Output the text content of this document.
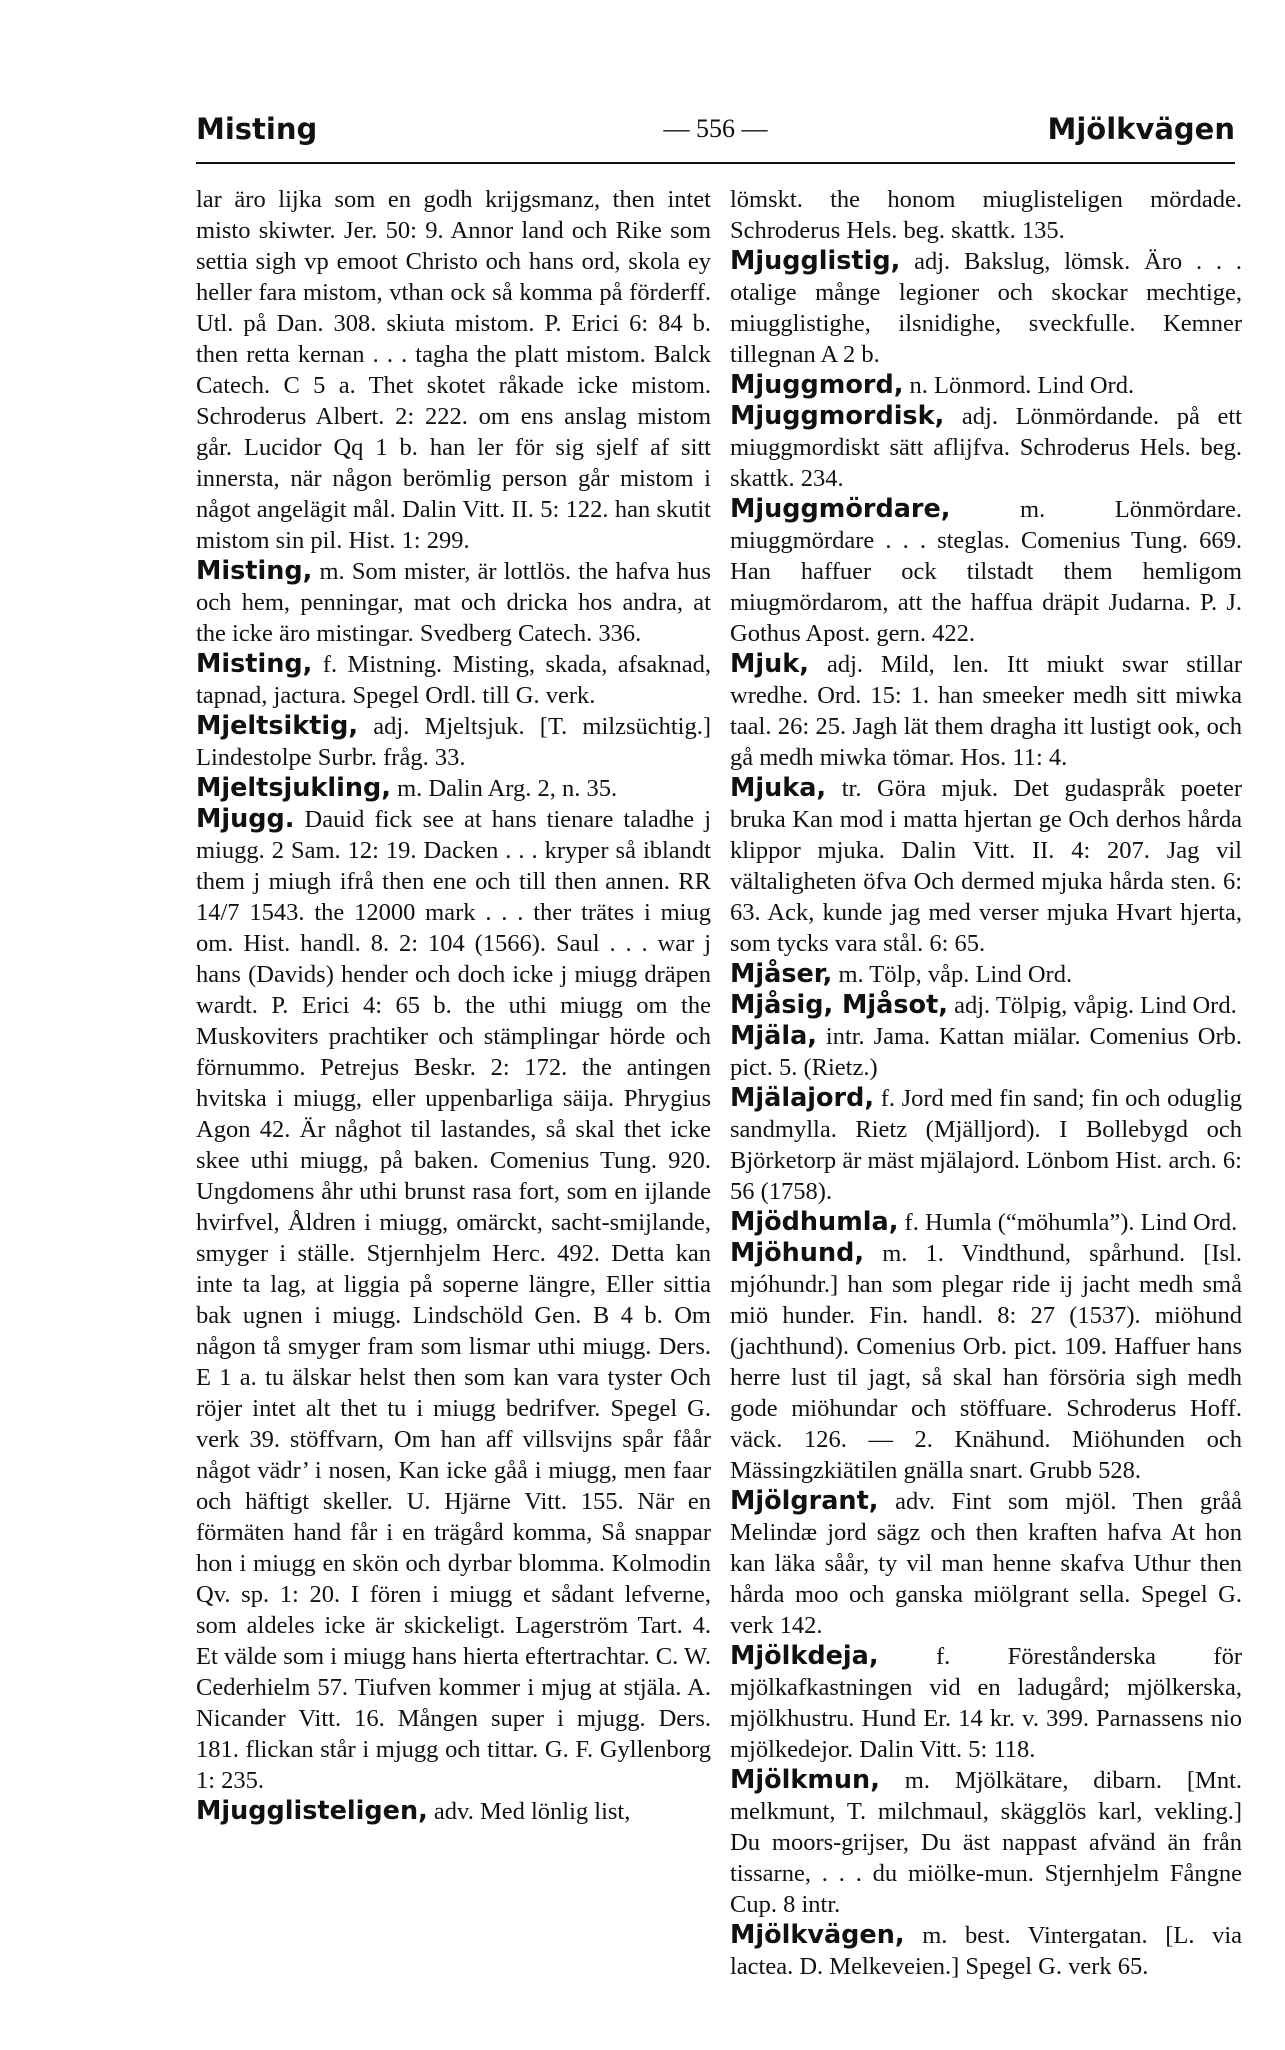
Misting	— 556 —	Mjölkvägen

lar äro lijka som en godh krijgsmanz, then intet misto skiwter. Jer. 50: 9. Annor land och Rike som settia sigh vp emoot Christo och hans ord, skola ey heller fara mistom, vthan ock så komma på förderff. Utl. på Dan. 308. skiuta mistom. P. Erici 6: 84 b. then retta kernan . . . tagha the platt mistom. Balck Catech. C 5 a. Thet skotet råkade icke mistom. Schroderus Albert. 2: 222. om ens anslag mistom går. Lucidor Qq 1 b. han ler för sig sjelf af sitt innersta, när någon berömlig person går mistom i något angelägit mål. Dalin Vitt. II. 5: 122. han skutit mistom sin pil. Hist. 1: 299.

Misting, m. Som mister, är lottlös. the hafva hus och hem, penningar, mat och dricka hos andra, at the icke äro mistingar. Svedberg Catech. 336.

Misting, f. Mistning. Misting, skada, afsaknad, tapnad, jactura. Spegel Ordl. till G. verk.

Mjeltsiktig, adj. Mjeltsjuk. [T. milzsüchtig.] Lindestolpe Surbr. fråg. 33.

Mjeltsjukling, m. Dalin Arg. 2, n. 35.

Mjugg. Dauid fick see at hans tienare taladhe j miugg. 2 Sam. 12: 19. Dacken . . . kryper så iblandt them j miugh ifrå then ene och till then annen. RR 14/7 1543. the 12000 mark . . . ther trätes i miug om. Hist. handl. 8. 2: 104 (1566). Saul . . . war j hans (Davids) hender och doch icke j miugg dräpen wardt. P. Erici 4: 65 b. the uthi miugg om the Muskoviters prachtiker och stämplingar hörde och förnummo. Petrejus Beskr. 2: 172. the antingen hvitska i miugg, eller uppenbarliga säija. Phrygius Agon 42. Är någhot til lastandes, så skal thet icke skee uthi miugg, på baken. Comenius Tung. 920. Ungdomens åhr uthi brunst rasa fort, som en ijlande hvirfvel, Åldren i miugg, omärckt, sacht-smijlande, smyger i ställe. Stjernhjelm Herc. 492. Detta kan inte ta lag, at liggia på soperne längre, Eller sittia bak ugnen i miugg. Lindschöld Gen. B 4 b. Om någon tå smyger fram som lismar uthi miugg. Ders. E 1 a. tu älskar helst then som kan vara tyster Och röjer intet alt thet tu i miugg bedrifver. Spegel G. verk 39. stöffvarn, Om han aff villsvijns spår fåår något vädr’ i nosen, Kan icke gåå i miugg, men faar och häftigt skeller. U. Hjärne Vitt. 155. När en förmäten hand får i en trägård komma, Så snappar hon i miugg en skön och dyrbar blomma. Kolmodin Qv. sp. 1: 20. I fören i miugg et sådant lefverne, som aldeles icke är skickeligt. Lagerström Tart. 4. Et välde som i miugg hans hierta eftertrachtar. C. W. Cederhielm 57. Tiufven kommer i mjug at stjäla. A. Nicander Vitt. 16. Mången super i mjugg. Ders. 181. flickan står i mjugg och tittar. G. F. Gyllenborg 1: 235.

Mjugglisteligen, adv. Med lönlig list,

lömskt. the honom miuglisteligen mördade. Schroderus Hels. beg. skattk. 135.

Mjugglistig, adj. Bakslug, lömsk. Äro . . . otalige månge legioner och skockar mechtige, miugglistighe, ilsnidighe, sveckfulle. Kemner tillegnan A 2 b.

Mjuggmord, n. Lönmord. Lind Ord.

Mjuggmordisk, adj. Lönmördande. på ett miuggmordiskt sätt aflijfva. Schroderus Hels. beg. skattk. 234.

Mjuggmördare,	m. Lönmördare. miuggmördare . . . steglas. Comenius Tung. 669. Han haffuer ock tilstadt them hemligom miugmördarom, att the haffua dräpit Judarna. P. J. Gothus Apost. gern. 422.

Mjuk, adj. Mild, len. Itt miukt swar stillar wredhe. Ord. 15: 1. han smeeker medh sitt miwka taal. 26: 25. Jagh lät them dragha itt lustigt ook, och gå medh miwka tömar. Hos. 11: 4.

Mjuka, tr. Göra mjuk. Det gudaspråk poeter bruka Kan mod i matta hjertan ge Och derhos hårda klippor mjuka. Dalin Vitt. II. 4: 207. Jag vil vältaligheten öfva Och dermed mjuka hårda sten. 6: 63. Ack, kunde jag med verser mjuka Hvart hjerta, som tycks vara stål. 6: 65.

Mjåser, m. Tölp, våp. Lind Ord.

Mjåsig, Mjåsot, adj. Tölpig, våpig. Lind Ord.

Mjäla, intr. Jama. Kattan miälar. Comenius Orb. pict. 5. (Rietz.)

Mjälajord, f. Jord med fin sand; fin och oduglig sandmylla. Rietz (Mjälljord). I Bollebygd och Björketorp är mäst mjälajord. Lönbom Hist. arch. 6: 56 (1758).

Mjödhumla, f. Humla (“möhumla”). Lind Ord.

Mjöhund, m. 1. Vindthund, spårhund. [Isl. mjóhundr.] han som plegar ride ij jacht medh små miö hunder. Fin. handl. 8: 27 (1537). miöhund (jachthund). Comenius Orb. pict. 109. Haffuer hans herre lust til jagt, så skal han försöria sigh medh gode miöhundar och stöffuare. Schroderus Hoff. väck. 126. — 2. Knähund. Miöhunden och Mässingzkiätilen gnälla snart. Grubb 528.

Mjölgrant, adv. Fint som mjöl. Then gråå Melindæ jord sägz och then kraften hafva At hon kan läka såår, ty vil man henne skafva Uthur then hårda moo och ganska miölgrant sella. Spegel G. verk 142.

Mjölkdeja, f. Förestånderska för mjölkafkastningen vid en ladugård; mjölkerska, mjölkhustru. Hund Er. 14 kr. v. 399. Parnassens nio mjölkedejor. Dalin Vitt. 5: 118.

Mjölkmun, m. Mjölkätare, dibarn. [Mnt. melkmunt, T. milchmaul, skägglös karl, vekling.] Du moors-grijser, Du äst nappast afvänd än från tissarne, . . . du miölke-mun. Stjernhjelm Fångne Cup. 8 intr.

Mjölkvägen, m. best. Vintergatan. [L. via lactea. D. Melkeveien.] Spegel G. verk 65.
